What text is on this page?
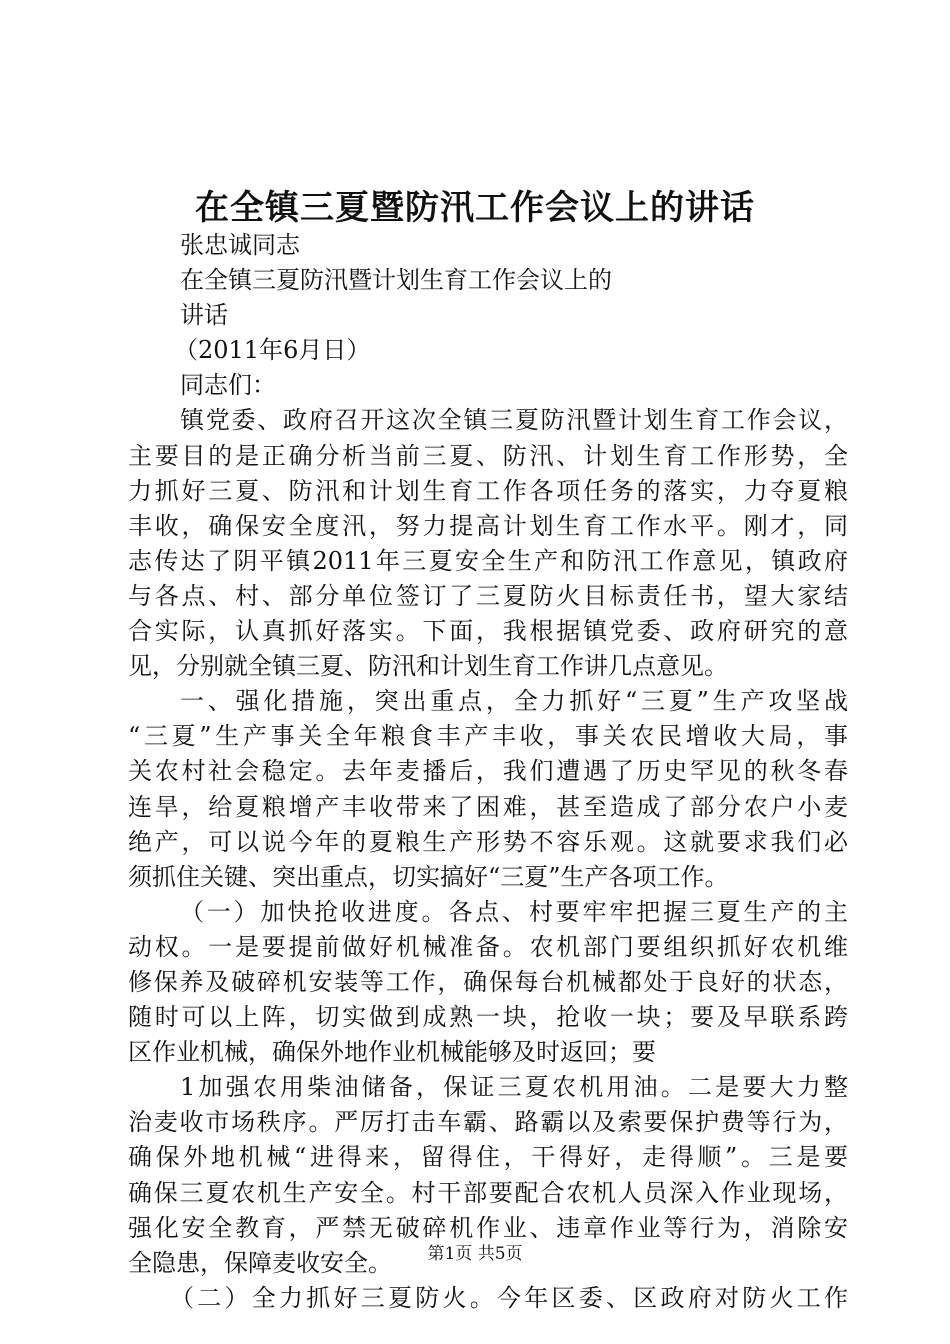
在全镇三夏暨防汛工作会议上的讲话
张忠诚同志
在全镇三夏防汛暨计划生育工作会议上的
讲话
（2011年6月日）
同志们：
镇党委、政府召开这次全镇三夏防汛暨计划生育工作会议，
主要目的是正确分析当前三夏、防汛、计划生育工作形势，全
力抓好三夏、防汛和计划生育工作各项任务的落实，力夺夏粮
丰收，确保安全度汛，努力提高计划生育工作水平。刚才，同
志传达了阴平镇2011年三夏安全生产和防汛工作意见，镇政府
与各点、村、部分单位签订了三夏防火目标责任书，望大家结
合实际，认真抓好落实。下面，我根据镇党委、政府研究的意
见，分别就全镇三夏、防汛和计划生育工作讲几点意见。
一、强化措施，突出重点，全力抓好“三夏”生产攻坚战
“三夏”生产事关全年粮食丰产丰收，事关农民增收大局，事
关农村社会稳定。去年麦播后，我们遭遇了历史罕见的秋冬春
连旱，给夏粮增产丰收带来了困难，甚至造成了部分农户小麦
绝产，可以说今年的夏粮生产形势不容乐观。这就要求我们必
须抓住关键、突出重点，切实搞好“三夏”生产各项工作。
（一）加快抢收进度。各点、村要牢牢把握三夏生产的主
动权。一是要提前做好机械准备。农机部门要组织抓好农机维
修保养及破碎机安装等工作，确保每台机械都处于良好的状态，
随时可以上阵，切实做到成熟一块，抢收一块；要及早联系跨
区作业机械，确保外地作业机械能够及时返回；要
1加强农用柴油储备，保证三夏农机用油。二是要大力整
治麦收市场秩序。严厉打击车霸、路霸以及索要保护费等行为，
确保外地机械“进得来，留得住，干得好，走得顺”。三是要
确保三夏农机生产安全。村干部要配合农机人员深入作业现场，
强化安全教育，严禁无破碎机作业、违章作业等行为，消除安
全隐患，保障麦收安全。
（二）全力抓好三夏防火。今年区委、区政府对防火工作
第1页 共5页
